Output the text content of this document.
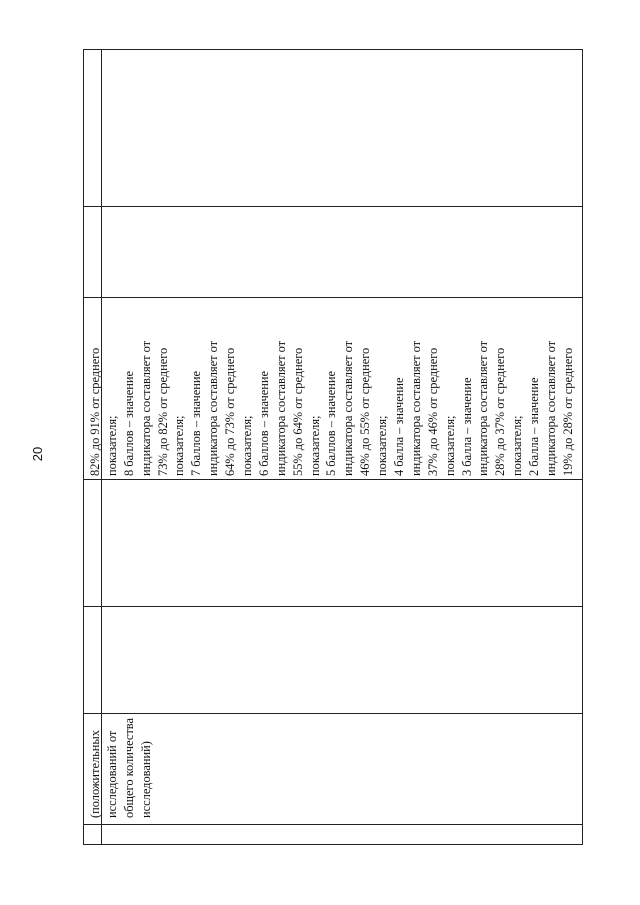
20	82% до 91% от среднего показателя; 8 баллов – значение индикатора составляет от 73% до 82% от среднего показателя; 7 баллов – значение индикатора составляет от 64% до 73% от среднего показателя; 6 баллов – значение индикатора составляет от 55% до 64% от среднего показателя; 5 баллов – значение индикатора составляет от 46% до 55% от среднего показателя; 4 балла – значение индикатора составляет от 37% до 46% от среднего показателя; 3 балла – значение индикатора составляет от 28% до 37% от среднего показателя; 2 балла – значение индикатора составляет от 19% до 28% от среднего
(положительных исследований от общего количества исследований)
